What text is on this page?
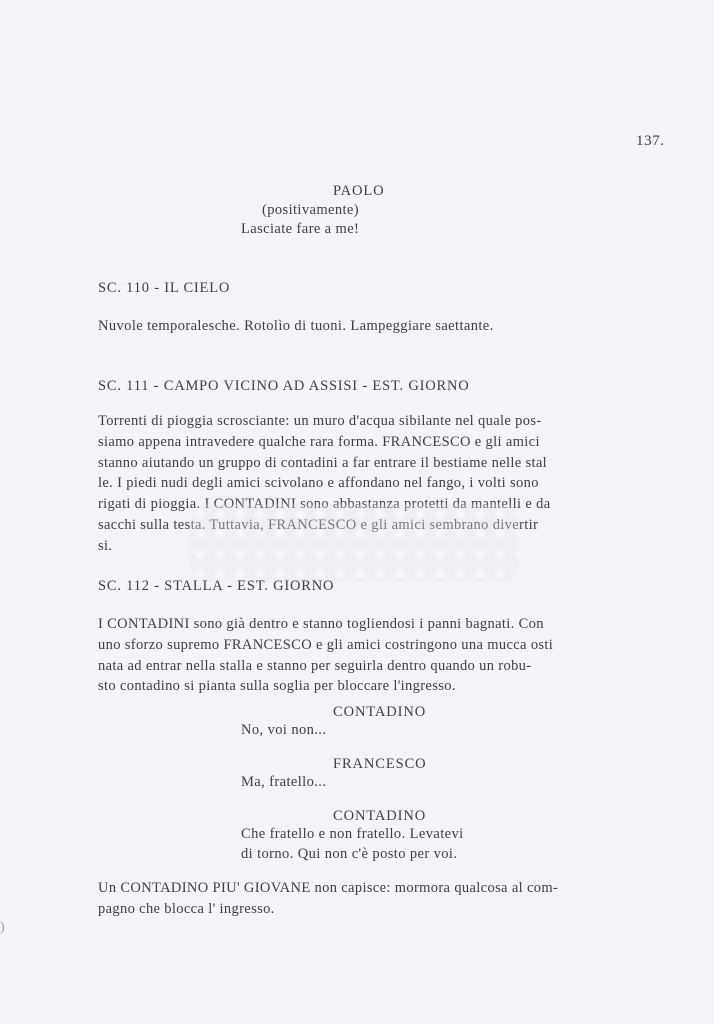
137.
PAOLO
(positivamente)
Lasciate fare a me!
SC. 110 - IL CIELO
Nuvole temporalesche. Rotolìo di tuoni. Lampeggiare saettante.
SC. 111 - CAMPO VICINO AD ASSISI - EST. GIORNO
Torrenti di pioggia scrosciante: un muro d'acqua sibilante nel quale pos-
siamo appena intravedere qualche rara forma. FRANCESCO e gli amici
stanno aiutando un gruppo di contadini a far entrare il bestiame nelle stal
le. I piedi nudi degli amici scivolano e affondano nel fango, i volti sono
rigati di pioggia. I CONTADINI sono abbastanza protetti da mantelli e da
sacchi sulla testa. Tuttavia, FRANCESCO e gli amici sembrano divertir
si.
SC. 112 - STALLA - EST. GIORNO
I CONTADINI sono già dentro e stanno togliendosi i panni bagnati. Con
uno sforzo supremo FRANCESCO e gli amici costringono una mucca osti
nata ad entrar nella stalla e stanno per seguirla dentro quando un robu-
sto contadino si pianta sulla soglia per bloccare l'ingresso.
CONTADINO
No, voi non...
FRANCESCO
Ma, fratello...
CONTADINO
Che fratello e non fratello. Levatevi
di torno. Qui non c'è posto per voi.
Un CONTADINO PIU' GIOVANE non capisce: mormora qualcosa al com-
pagno che blocca l' ingresso.
)
